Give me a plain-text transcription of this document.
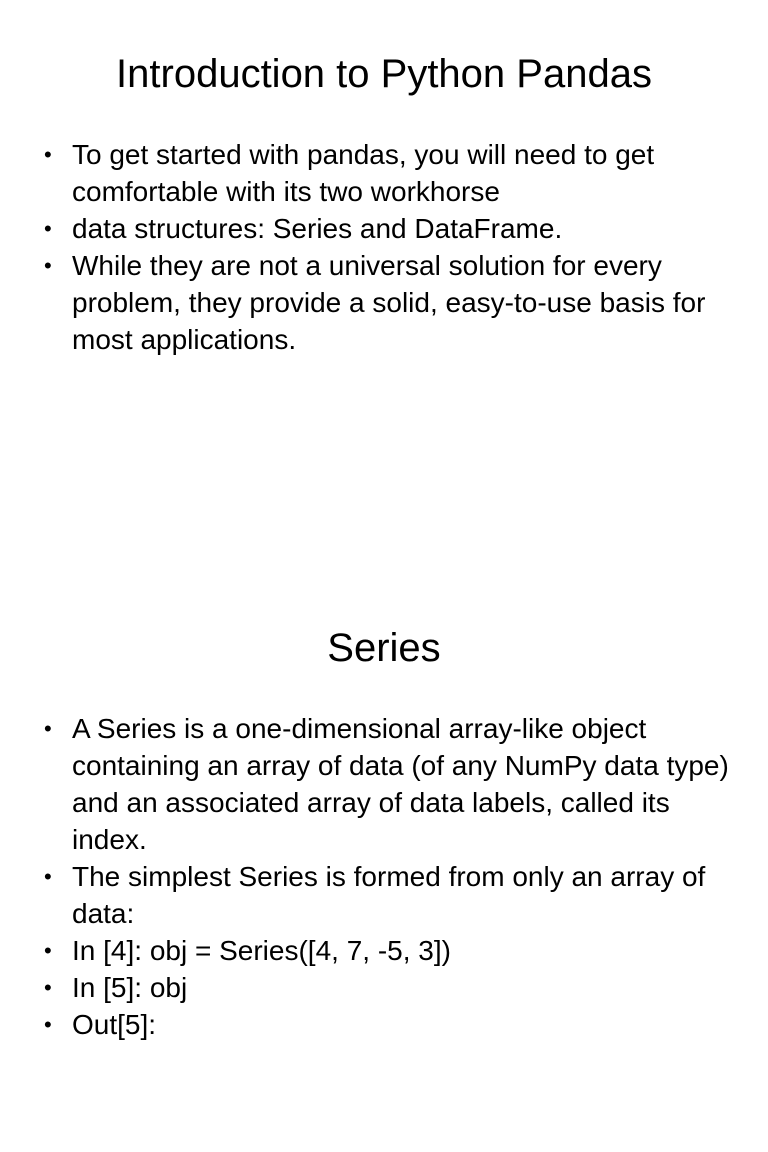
Introduction to Python Pandas
• To get started with pandas, you will need to get comfortable with its two workhorse
• data structures: Series and DataFrame.
• While they are not a universal solution for every problem, they provide a solid, easy-to-use basis for most applications.
Series
• A Series is a one-dimensional array-like object containing an array of data (of any NumPy data type) and an associated array of data labels, called its index.
• The simplest Series is formed from only an array of data:
• In [4]: obj = Series([4, 7, -5, 3])
• In [5]: obj
• Out[5]:
